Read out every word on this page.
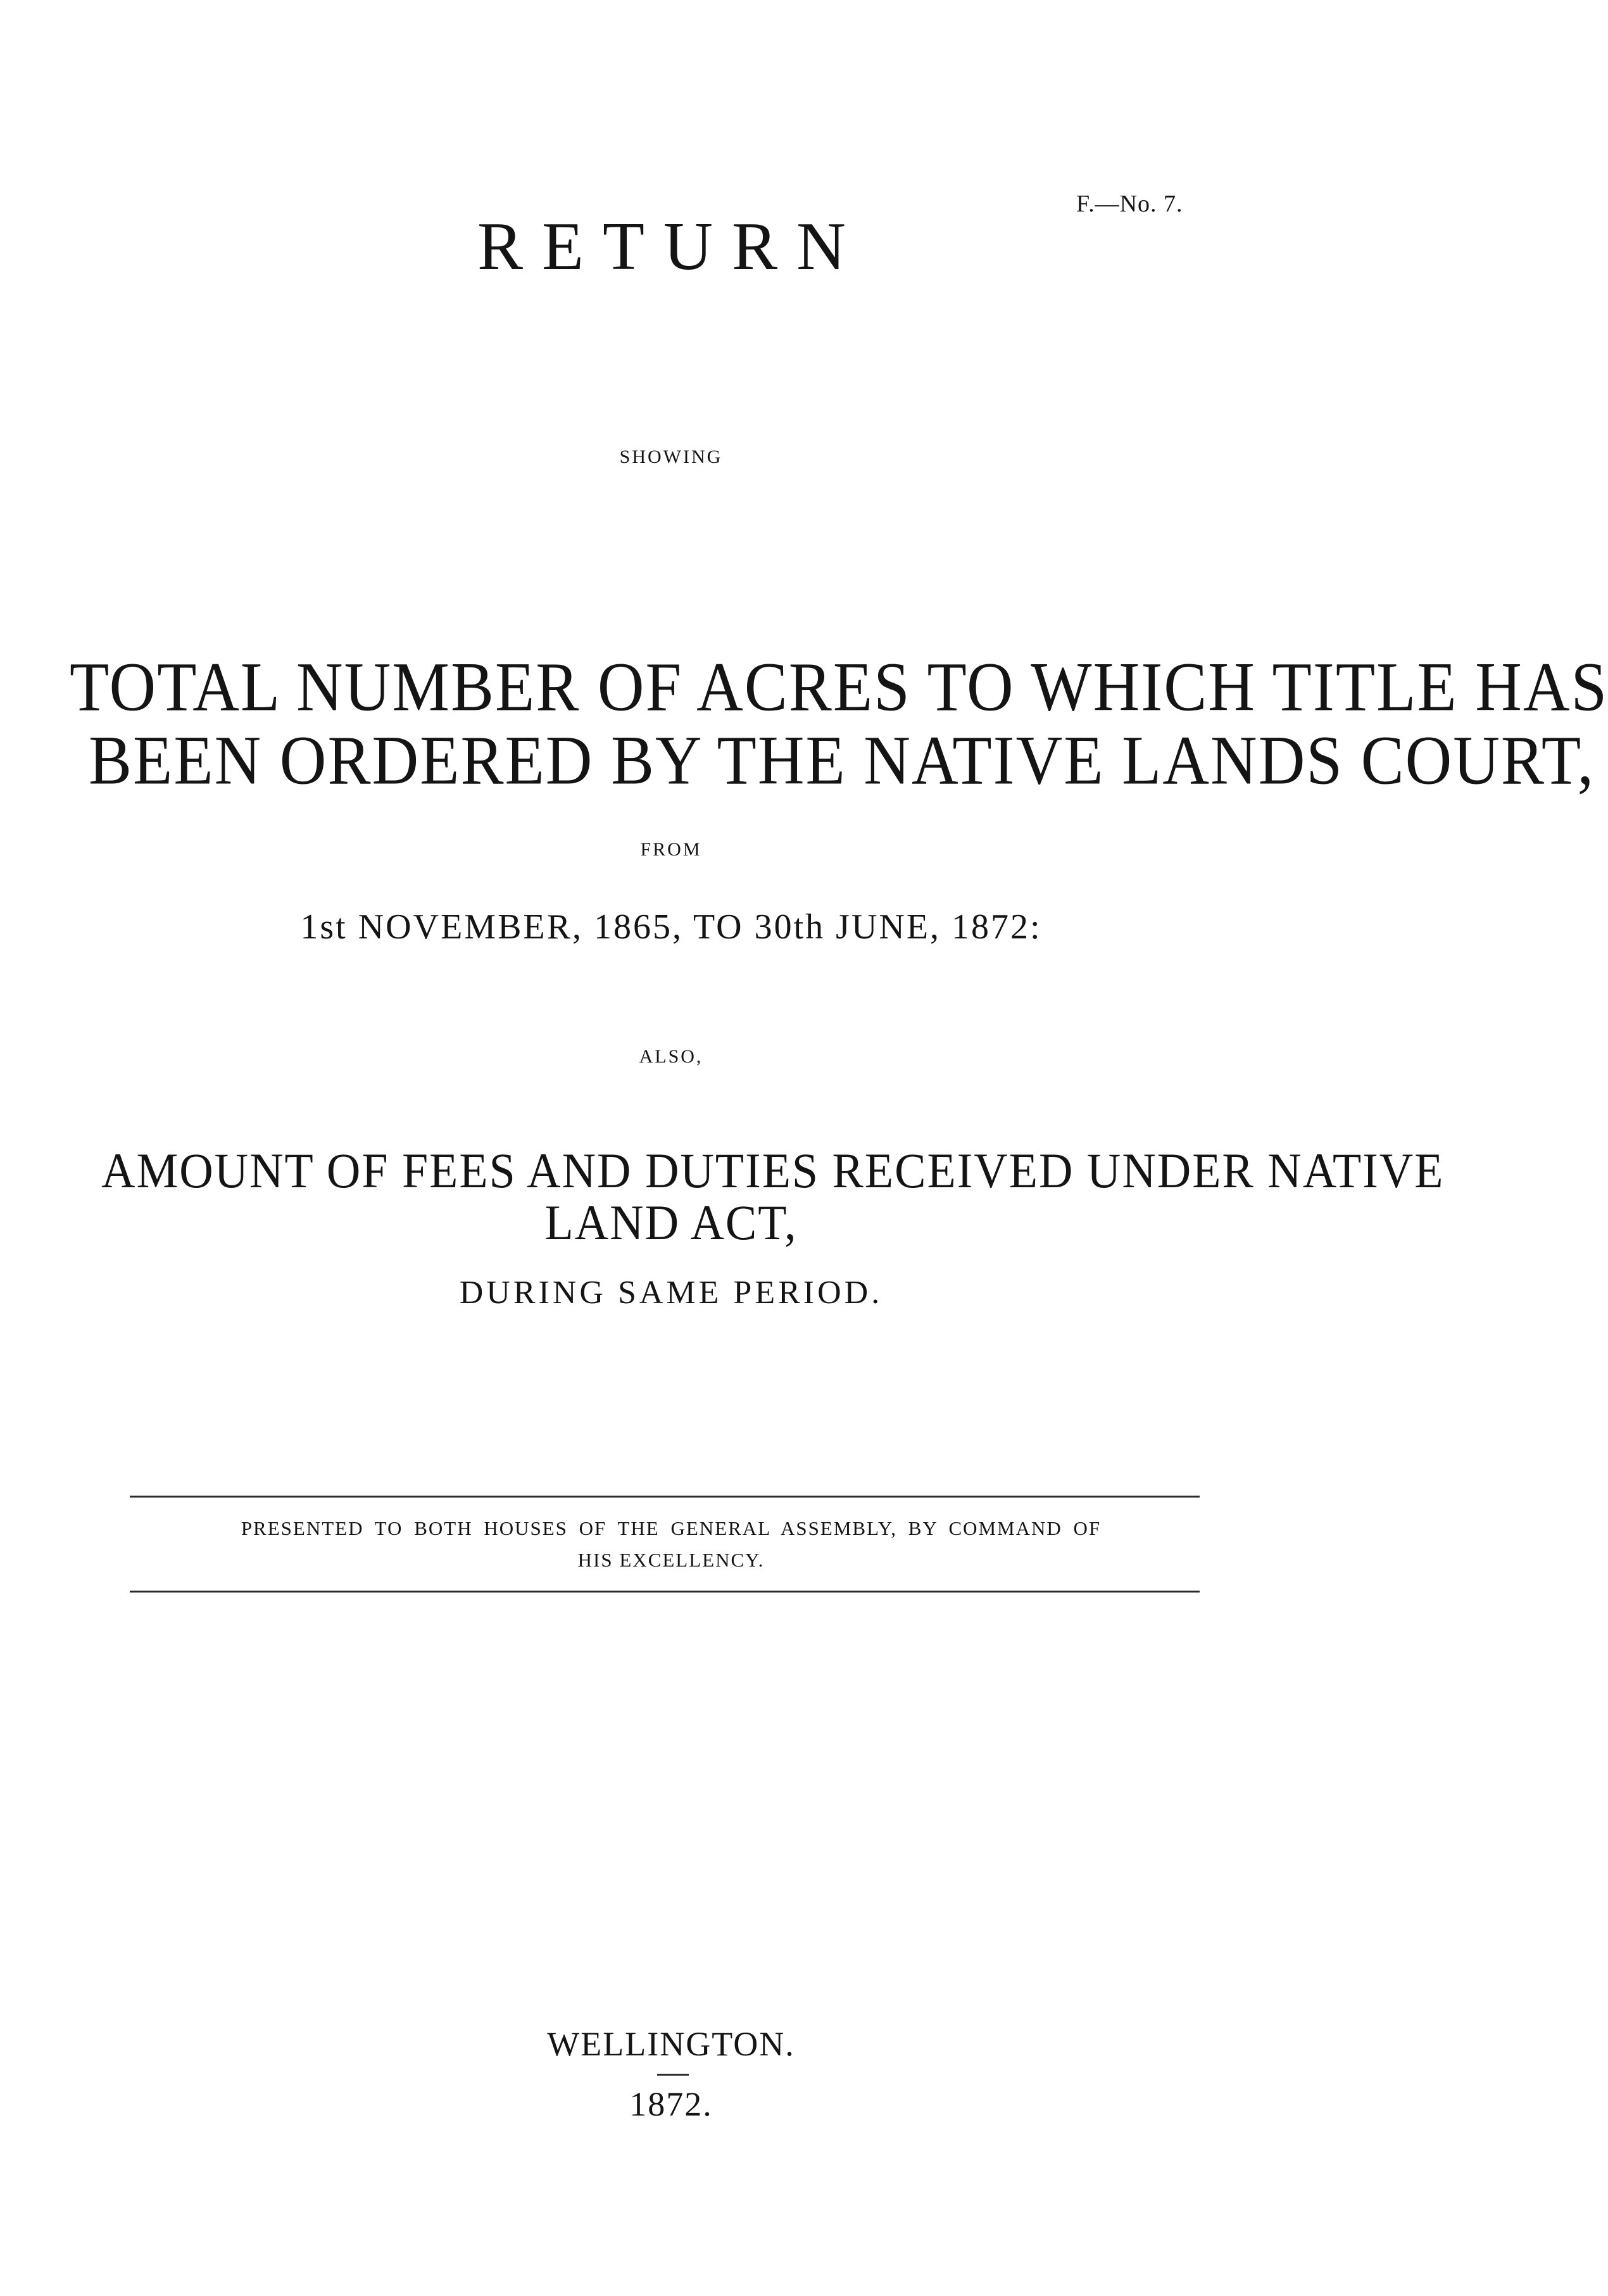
F.—No. 7.
RETURN
SHOWING
TOTAL NUMBER OF ACRES TO WHICH TITLE HAS
BEEN ORDERED BY THE NATIVE LANDS COURT,
FROM
1st NOVEMBER, 1865, TO 30th JUNE, 1872:
ALSO,
AMOUNT OF FEES AND DUTIES RECEIVED UNDER NATIVE
LAND ACT,
DURING SAME PERIOD.
PRESENTED TO BOTH HOUSES OF THE GENERAL ASSEMBLY, BY COMMAND OF
HIS EXCELLENCY.
WELLINGTON.
1872.
